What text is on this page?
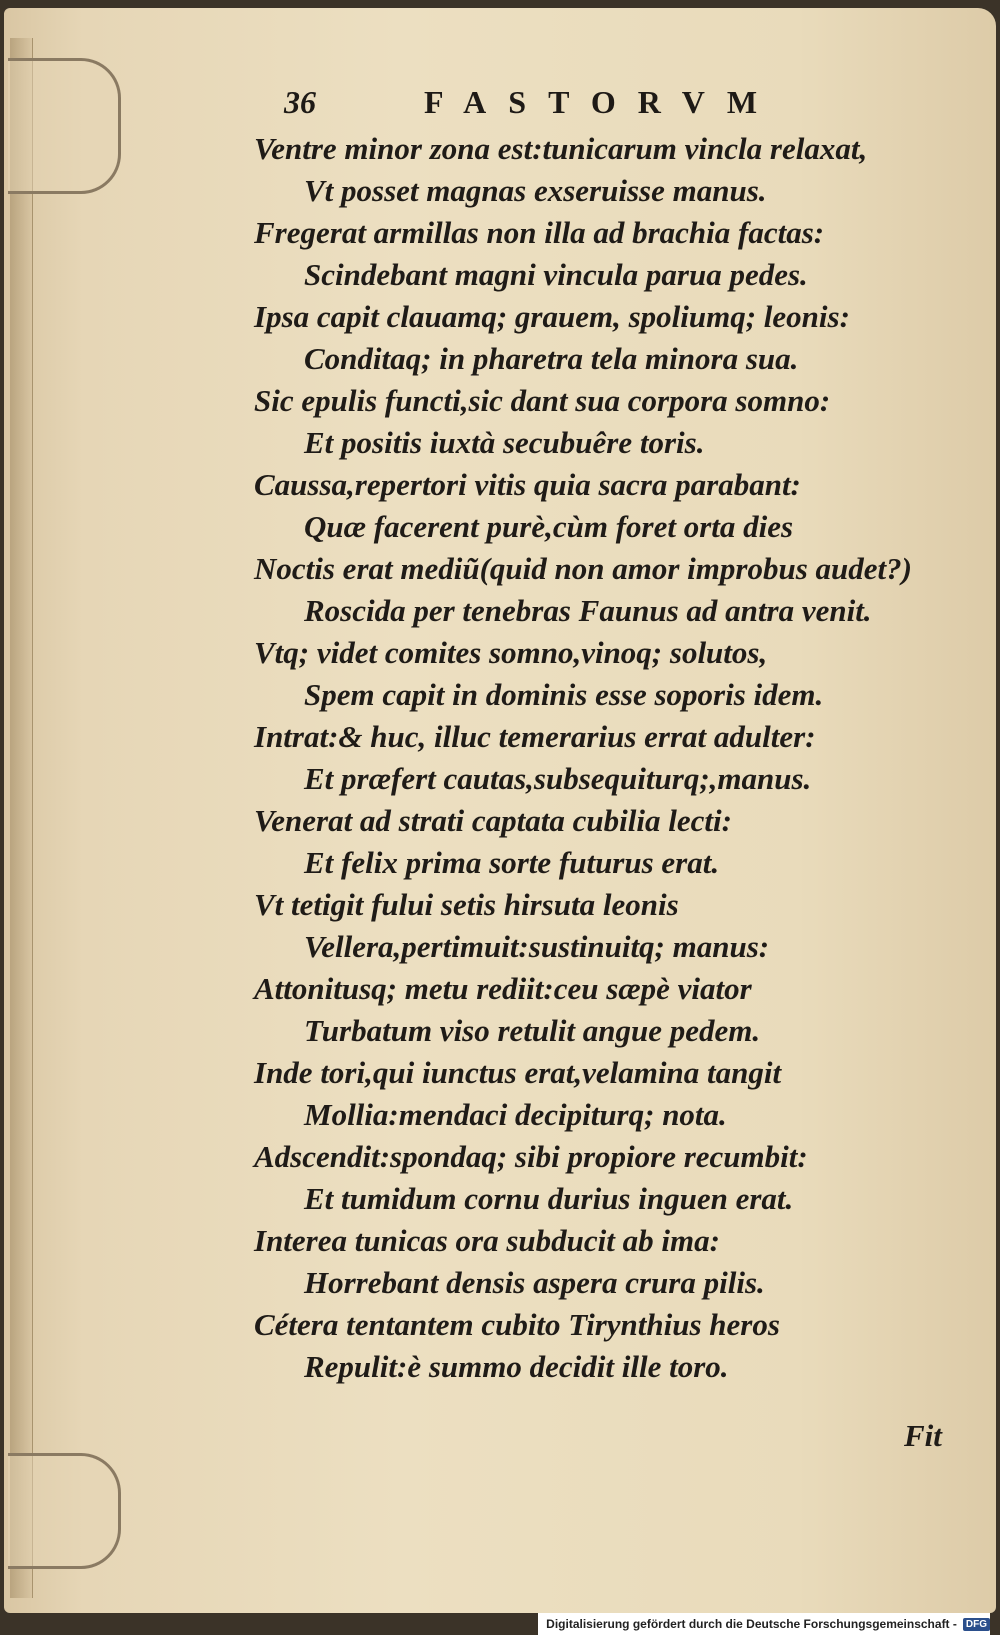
36	FASTORVM
Ventre minor zona est:tunicarum vincla relaxat,
Vt posset magnas exseruisse manus.
Fregerat armillas non illa ad brachia factas:
Scindebant magni vincula parua pedes.
Ipsa capit clauamq; grauem, spoliumq; leonis:
Conditaq; in pharetra tela minora sua.
Sic epulis functi,sic dant sua corpora somno:
Et positis iuxtà secubuêre toris.
Caussa,repertori vitis quia sacra parabant:
Quæ facerent purè,cùm foret orta dies
Noctis erat mediũ(quid non amor improbus audet?)
Roscida per tenebras Faunus ad antra venit.
Vtq; videt comites somno,vinoq; solutos,
Spem capit in dominis esse soporis idem.
Intrat:& huc, illuc temerarius errat adulter:
Et præfert cautas,subsequiturq;,manus.
Venerat ad strati captata cubilia lecti:
Et felix prima sorte futurus erat.
Vt tetigit fului setis hirsuta leonis
Vellera,pertimuit:sustinuitq; manus:
Attonitusq; metu rediit:ceu sæpè viator
Turbatum viso retulit angue pedem.
Inde tori,qui iunctus erat,velamina tangit
Mollia:mendaci decipiturq; nota.
Adscendit:spondaq; sibi propiore recumbit:
Et tumidum cornu durius inguen erat.
Interea tunicas ora subducit ab ima:
Horrebant densis aspera crura pilis.
Cétera tentantem cubito Tirynthius heros
Repulit:è summo decidit ille toro.
Fit
Digitalisierung gefördert durch die Deutsche Forschungsgemeinschaft - DFG
